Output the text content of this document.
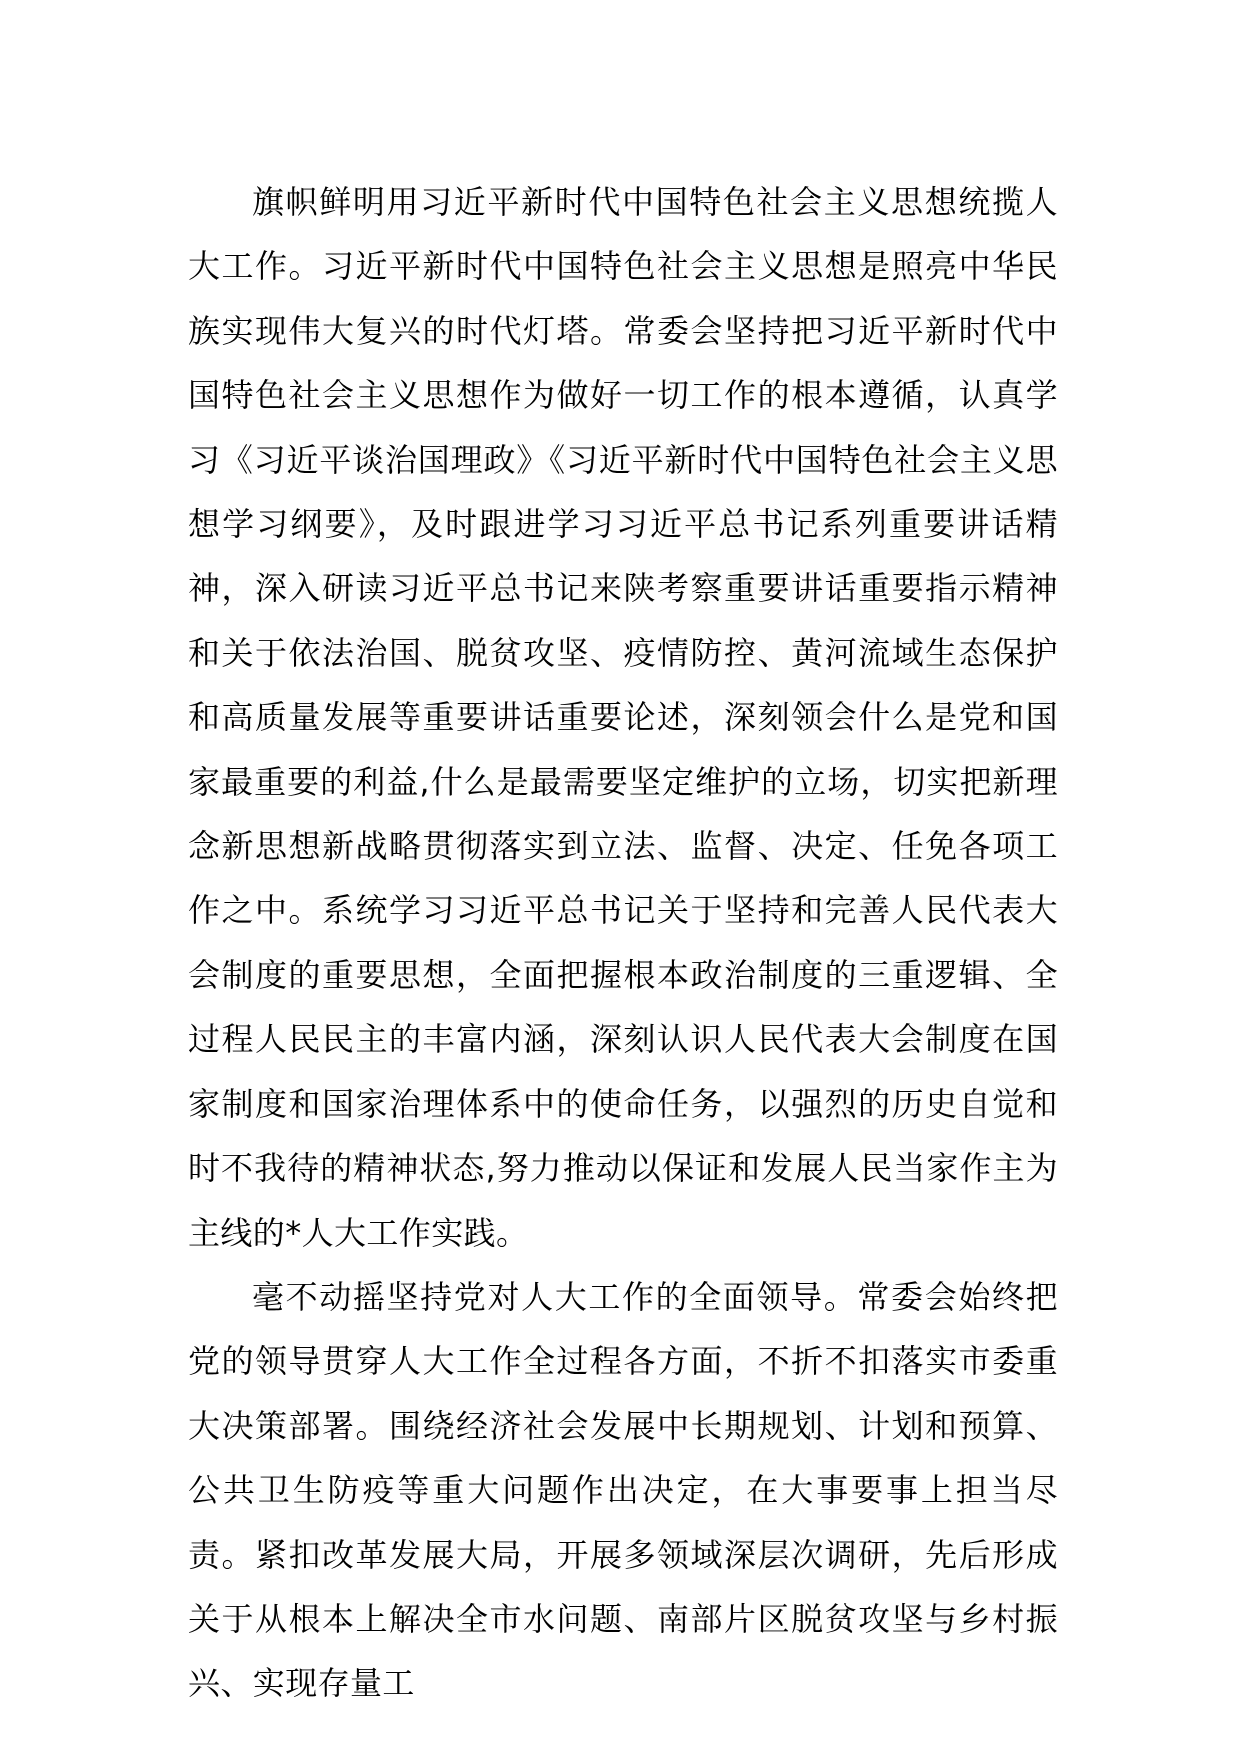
旗帜鲜明用习近平新时代中国特色社会主义思想统揽人大工作。习近平新时代中国特色社会主义思想是照亮中华民族实现伟大复兴的时代灯塔。常委会坚持把习近平新时代中国特色社会主义思想作为做好一切工作的根本遵循，认真学习《习近平谈治国理政》《习近平新时代中国特色社会主义思想学习纲要》，及时跟进学习习近平总书记系列重要讲话精神，深入研读习近平总书记来陕考察重要讲话重要指示精神和关于依法治国、脱贫攻坚、疫情防控、黄河流域生态保护和高质量发展等重要讲话重要论述，深刻领会什么是党和国家最重要的利益,什么是最需要坚定维护的立场，切实把新理念新思想新战略贯彻落实到立法、监督、决定、任免各项工作之中。系统学习习近平总书记关于坚持和完善人民代表大会制度的重要思想，全面把握根本政治制度的三重逻辑、全过程人民民主的丰富内涵，深刻认识人民代表大会制度在国家制度和国家治理体系中的使命任务，以强烈的历史自觉和时不我待的精神状态,努力推动以保证和发展人民当家作主为主线的*人大工作实践。

毫不动摇坚持党对人大工作的全面领导。常委会始终把党的领导贯穿人大工作全过程各方面，不折不扣落实市委重大决策部署。围绕经济社会发展中长期规划、计划和预算、公共卫生防疫等重大问题作出决定，在大事要事上担当尽责。紧扣改革发展大局，开展多领域深层次调研，先后形成关于从根本上解决全市水问题、南部片区脱贫攻坚与乡村振兴、实现存量工
